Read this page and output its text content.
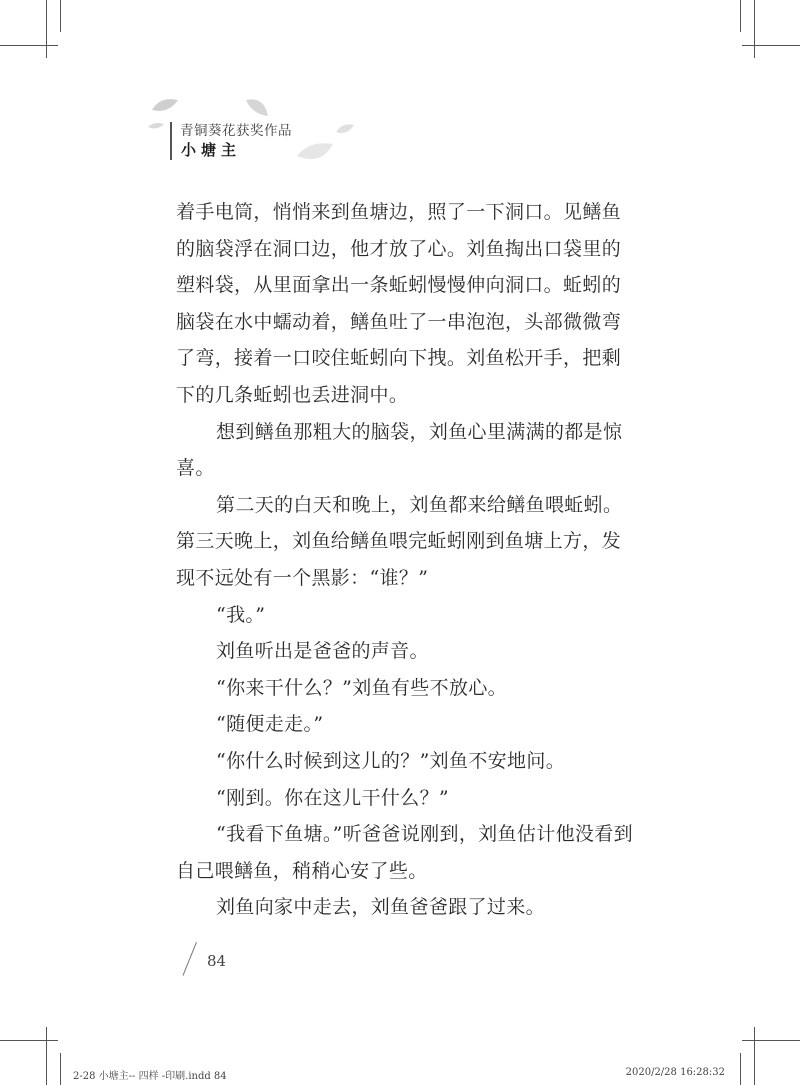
青铜葵花获奖作品
小塘主

着手电筒，悄悄来到鱼塘边，照了一下洞口。见鳝鱼的脑袋浮在洞口边，他才放了心。刘鱼掏出口袋里的塑料袋，从里面拿出一条蚯蚓慢慢伸向洞口。蚯蚓的脑袋在水中蠕动着，鳝鱼吐了一串泡泡，头部微微弯了弯，接着一口咬住蚯蚓向下拽。刘鱼松开手，把剩下的几条蚯蚓也丢进洞中。

想到鳝鱼那粗大的脑袋，刘鱼心里满满的都是惊喜。

第二天的白天和晚上，刘鱼都来给鳝鱼喂蚯蚓。第三天晚上，刘鱼给鳝鱼喂完蚯蚓刚到鱼塘上方，发现不远处有一个黑影：“谁？”

“我。”

刘鱼听出是爸爸的声音。

“你来干什么？”刘鱼有些不放心。

“随便走走。”

“你什么时候到这儿的？”刘鱼不安地问。

“刚到。你在这儿干什么？”

“我看下鱼塘。”听爸爸说刚到，刘鱼估计他没看到自己喂鳝鱼，稍稍心安了些。

刘鱼向家中走去，刘鱼爸爸跟了过来。

84
2-28 小塘主-- 四样 -印刷.indd 84	2020/2/28 16:28:32
